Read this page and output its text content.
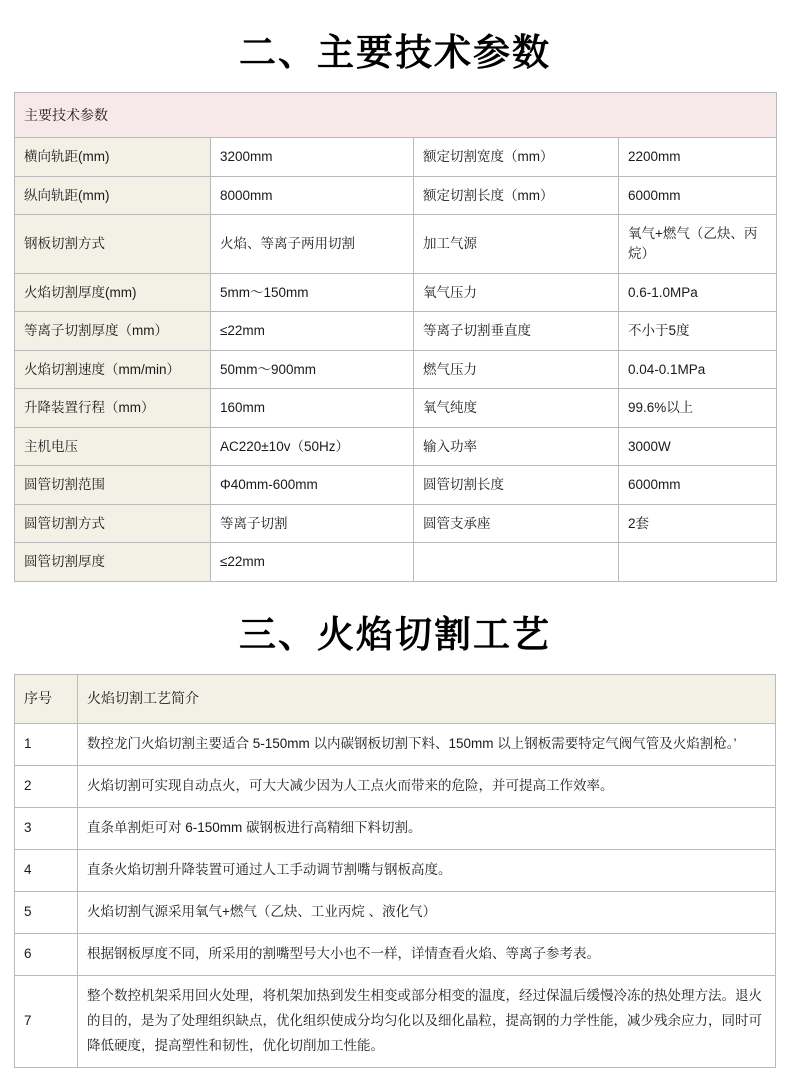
二、主要技术参数
主要技术参数			
横向轨距(mm)	3200mm	额定切割宽度（mm）	2200mm
纵向轨距(mm)	8000mm	额定切割长度（mm）	6000mm
钢板切割方式	火焰、等离子两用切割	加工气源	氧气+燃气（乙炔、丙烷）
火焰切割厚度(mm)	5mm～150mm	氧气压力	0.6-1.0MPa
等离子切割厚度（mm）	≤22mm	等离子切割垂直度	不小于5度
火焰切割速度（mm/min）	50mm～900mm	燃气压力	0.04-0.1MPa
升降装置行程（mm）	160mm	氧气纯度	99.6%以上
主机电压	AC220±10v（50Hz）	输入功率	3000W
圆管切割范围	Φ40mm-600mm	圆管切割长度	6000mm
圆管切割方式	等离子切割	圆管支承座	2套
圆管切割厚度	≤22mm		
三、火焰切割工艺
序号	火焰切割工艺简介
1	数控龙门火焰切割主要适合 5-150mm 以内碳钢板切割下料、150mm 以上钢板需要特定气阀气管及火焰割枪。’
2	火焰切割可实现自动点火，可大大减少因为人工点火而带来的危险，并可提高工作效率。
3	直条单割炬可对 6-150mm 碳钢板进行高精细下料切割。
4	直条火焰切割升降装置可通过人工手动调节割嘴与钢板高度。
5	火焰切割气源采用氧气+燃气（乙炔、工业丙烷 、液化气）
6	根据钢板厚度不同，所采用的割嘴型号大小也不一样，详情查看火焰、等离子参考表。
7	整个数控机架采用回火处理，将机架加热到发生相变或部分相变的温度，经过保温后缓慢冷冻的热处理方法。退火的目的，是为了处理组织缺点，优化组织使成分均匀化以及细化晶粒，提高钢的力学性能，减少残余应力，同时可降低硬度，提高塑性和韧性，优化切削加工性能。
